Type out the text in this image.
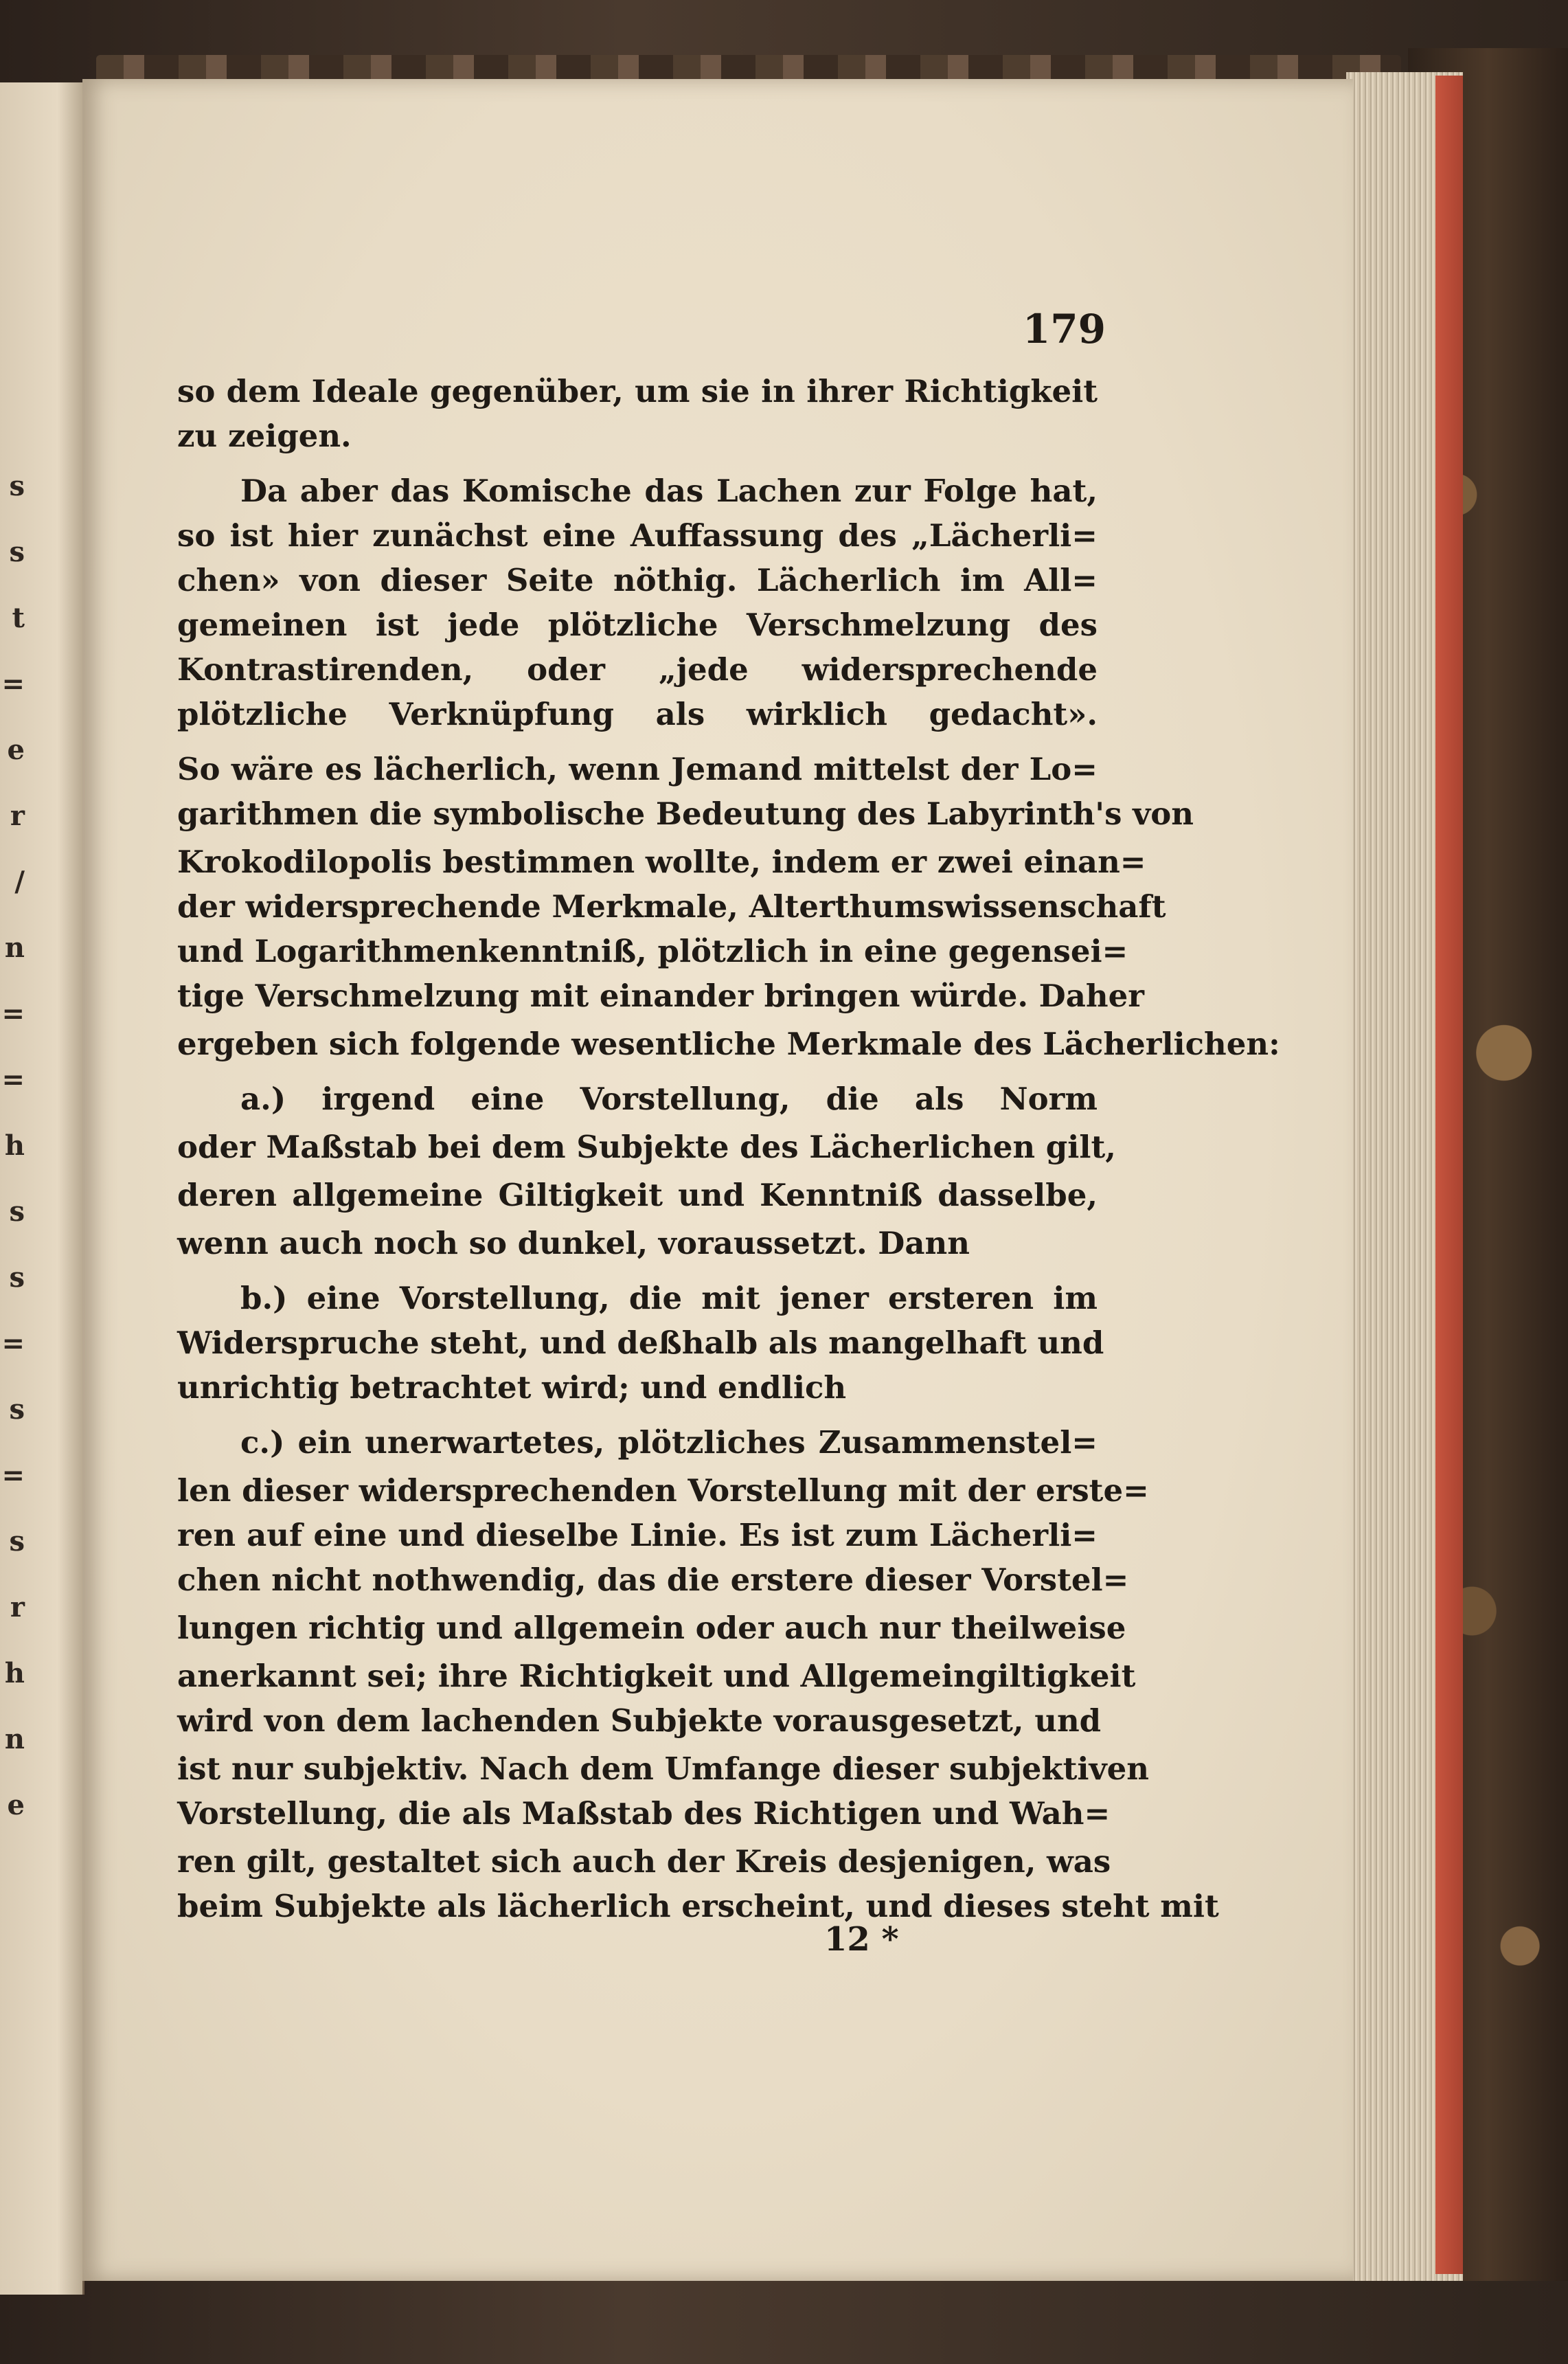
s
s
t
=
e
r
/
n
=
=
h
s
s
=
s
=
s
r
h
n
e
179
so dem Ideale gegenüber, um sie in ihrer Richtigkeit
zu zeigen.
Da aber das Komische das Lachen zur Folge hat,
so ist hier zunächst eine Auffassung des „Lächerli=
chen» von dieser Seite nöthig. Lächerlich im All=
gemeinen ist jede plötzliche Verschmelzung des
Kontrastirenden, oder „jede widersprechende
plötzliche Verknüpfung als wirklich gedacht».
So wäre es lächerlich, wenn Jemand mittelst der Lo=
garithmen die symbolische Bedeutung des Labyrinth's von
Krokodilopolis bestimmen wollte, indem er zwei einan=
der widersprechende Merkmale, Alterthumswissenschaft
und Logarithmenkenntniß, plötzlich in eine gegensei=
tige Verschmelzung mit einander bringen würde. Daher
ergeben sich folgende wesentliche Merkmale des Lächerlichen:
a.) irgend eine Vorstellung, die als Norm
oder Maßstab bei dem Subjekte des Lächerlichen gilt,
deren allgemeine Giltigkeit und Kenntniß dasselbe,
wenn auch noch so dunkel, voraussetzt. Dann
b.) eine Vorstellung, die mit jener ersteren im
Widerspruche steht, und deßhalb als mangelhaft und
unrichtig betrachtet wird; und endlich
c.) ein unerwartetes, plötzliches Zusammenstel=
len dieser widersprechenden Vorstellung mit der erste=
ren auf eine und dieselbe Linie. Es ist zum Lächerli=
chen nicht nothwendig, das die erstere dieser Vorstel=
lungen richtig und allgemein oder auch nur theilweise
anerkannt sei; ihre Richtigkeit und Allgemeingiltigkeit
wird von dem lachenden Subjekte vorausgesetzt, und
ist nur subjektiv. Nach dem Umfange dieser subjektiven
Vorstellung, die als Maßstab des Richtigen und Wah=
ren gilt, gestaltet sich auch der Kreis desjenigen, was
beim Subjekte als lächerlich erscheint, und dieses steht mit
12 *
